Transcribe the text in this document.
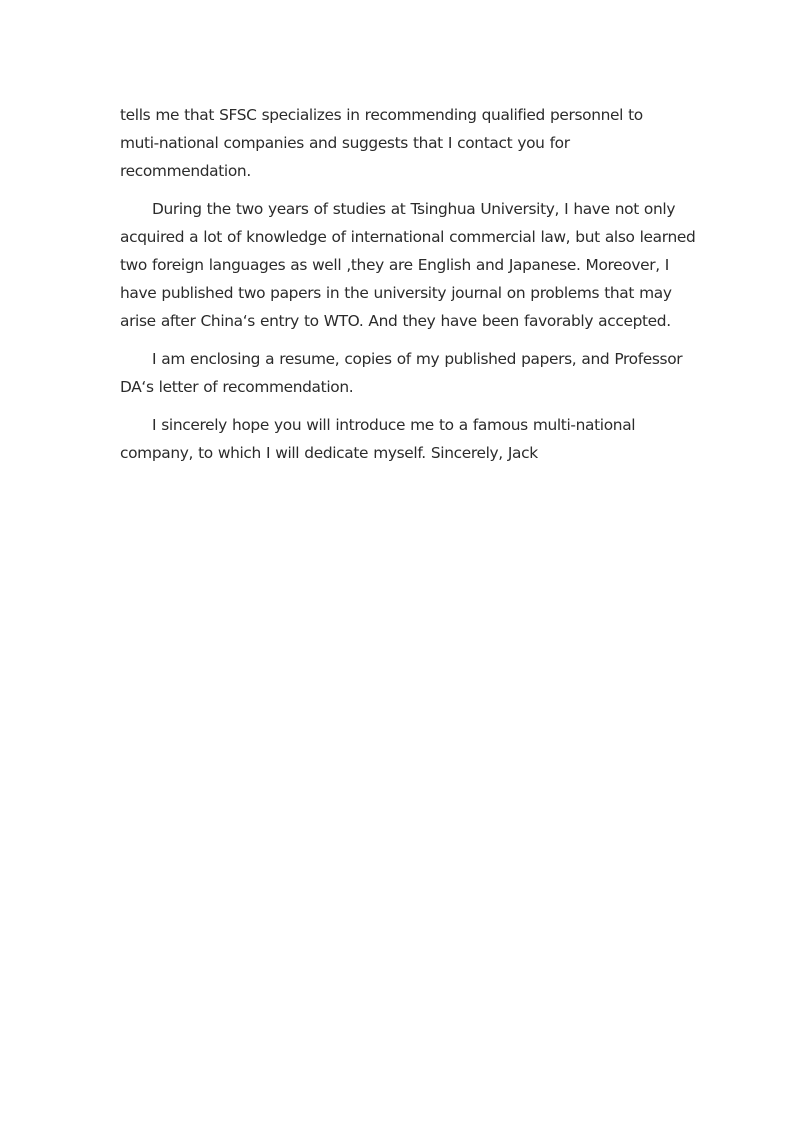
tells me that SFSC specializes in recommending qualified personnel to
muti-national companies and suggests that I contact you for
recommendation.

During the two years of studies at Tsinghua University, I have not only
acquired a lot of knowledge of international commercial law, but also learned
two foreign languages as well ,they are English and Japanese. Moreover, I
have published two papers in the university journal on problems that may
arise after China‘s entry to WTO. And they have been favorably accepted.

I am enclosing a resume, copies of my published papers, and Professor
DA‘s letter of recommendation.

I sincerely hope you will introduce me to a famous multi-national
company, to which I will dedicate myself. Sincerely, Jack
